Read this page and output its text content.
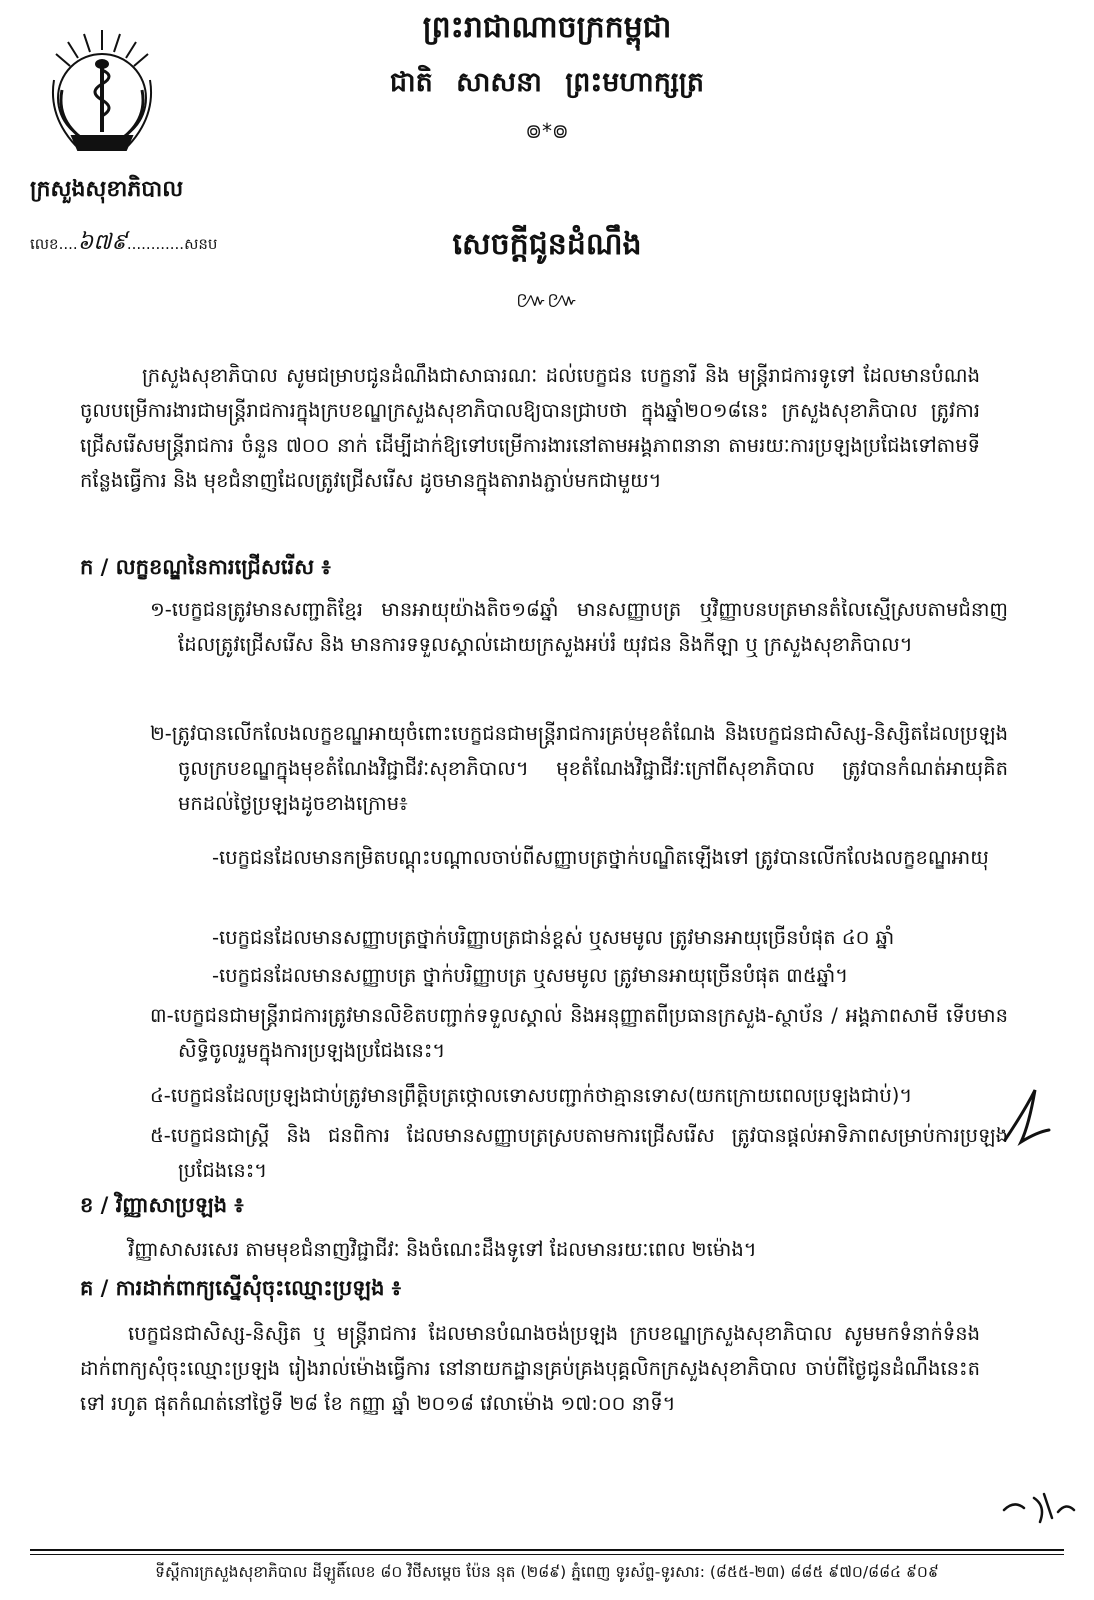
ក្រសួងសុខាភិបាល
លេខ....៦៧៩............សនប
ព្រះរាជាណាចក្រកម្ពុជា
ជាតិ សាសនា ព្រះមហាក្សត្រ
៙*៙
សេចក្តីជូនដំណឹង
៚៚
ក្រសួងសុខាភិបាល សូមជម្រាបជូនដំណឹងជាសាធារណៈ ដល់បេក្ខជន បេក្ខនារី និង មន្ត្រីរាជការទូទៅ ដែលមានបំណង ចូលបម្រើការងារជាមន្ត្រីរាជការក្នុងក្របខណ្ឌក្រសួងសុខាភិបាលឱ្យបានជ្រាបថា ក្នុងឆ្នាំ២០១៨នេះ ក្រសួងសុខាភិបាល ត្រូវការជ្រើសរើសមន្ត្រីរាជការ ចំនួន ៧០០ នាក់ ដើម្បីដាក់ឱ្យទៅបម្រើការងារនៅតាមអង្គភាពនានា តាមរយៈការប្រឡងប្រជែងទៅតាមទីកន្លែងធ្វើការ និង មុខជំនាញដែលត្រូវជ្រើសរើស ដូចមានក្នុងតារាងភ្ជាប់មកជាមួយ។
ក / លក្ខខណ្ឌនៃការជ្រើសរើស ៖
១-បេក្ខជនត្រូវមានសញ្ជាតិខ្មែរ មានអាយុយ៉ាងតិច១៨ឆ្នាំ មានសញ្ញាបត្រ ឬវិញ្ញាបនបត្រមានតំលៃស្មើស្របតាមជំនាញដែលត្រូវជ្រើសរើស និង មានការទទួលស្គាល់ដោយក្រសួងអប់រំ យុវជន និងកីឡា ឬ ក្រសួងសុខាភិបាល។
២-ត្រូវបានលើកលែងលក្ខខណ្ឌអាយុចំពោះបេក្ខជនជាមន្ត្រីរាជការគ្រប់មុខតំណែង និងបេក្ខជនជាសិស្ស-និស្សិតដែលប្រឡងចូលក្របខណ្ឌក្នុងមុខតំណែងវិជ្ជាជីវៈសុខាភិបាល។ មុខតំណែងវិជ្ជាជីវៈក្រៅពីសុខាភិបាល ត្រូវបានកំណត់អាយុគិតមកដល់ថ្ងៃប្រឡងដូចខាងក្រោម៖
-បេក្ខជនដែលមានកម្រិតបណ្ដុះបណ្ដាលចាប់ពីសញ្ញាបត្រថ្នាក់បណ្ឌិតឡើងទៅ ត្រូវបានលើកលែងលក្ខខណ្ឌអាយុ
-បេក្ខជនដែលមានសញ្ញាបត្រថ្នាក់បរិញ្ញាបត្រជាន់ខ្ពស់ ឬសមមូល ត្រូវមានអាយុច្រើនបំផុត ៤០ ឆ្នាំ
-បេក្ខជនដែលមានសញ្ញាបត្រ ថ្នាក់បរិញ្ញាបត្រ ឬសមមូល ត្រូវមានអាយុច្រើនបំផុត ៣៥ឆ្នាំ។
៣-បេក្ខជនជាមន្ត្រីរាជការត្រូវមានលិខិតបញ្ជាក់ទទួលស្គាល់ និងអនុញ្ញាតពីប្រធានក្រសួង-ស្ថាប័ន / អង្គភាពសាមី ទើបមានសិទ្ធិចូលរួមក្នុងការប្រឡងប្រជែងនេះ។
៤-បេក្ខជនដែលប្រឡងជាប់ត្រូវមានព្រឹត្តិបត្រថ្កោលទោសបញ្ជាក់ថាគ្មានទោស(យកក្រោយពេលប្រឡងជាប់)។
៥-បេក្ខជនជាស្ត្រី និង ជនពិការ ដែលមានសញ្ញាបត្រស្របតាមការជ្រើសរើស ត្រូវបានផ្តល់អាទិភាពសម្រាប់ការប្រឡងប្រជែងនេះ។
ខ / វិញ្ញាសាប្រឡង ៖
វិញ្ញាសាសរសេរ តាមមុខជំនាញវិជ្ជាជីវៈ និងចំណេះដឹងទូទៅ ដែលមានរយៈពេល ២ម៉ោង។
គ / ការដាក់ពាក្យស្នើសុំចុះឈ្មោះប្រឡង ៖
បេក្ខជនជាសិស្ស-និស្សិត ឬ មន្ត្រីរាជការ ដែលមានបំណងចង់ប្រឡង ក្របខណ្ឌក្រសួងសុខាភិបាល សូមមកទំនាក់ទំនង ដាក់ពាក្យសុំចុះឈ្មោះប្រឡង រៀងរាល់ម៉ោងធ្វើការ នៅនាយកដ្ឋានគ្រប់គ្រងបុគ្គលិកក្រសួងសុខាភិបាល ចាប់ពីថ្ងៃជូនដំណឹងនេះតទៅ រហូត ផុតកំណត់នៅថ្ងៃទី ២៨ ខែ កញ្ញា ឆ្នាំ ២០១៨ វេលាម៉ោង ១៧:០០ នាទី។
ទីស្តីការក្រសួងសុខាភិបាល ដីឡូតិ៍លេខ ៨០ វិថីសម្តេច ប៉ែន នុត (២៨៩) ភ្នំពេញ ទូរស័ព្ទ-ទូរសារ: (៨៥៥-២៣) ៨៨៥ ៩៧០/៨៨៤ ៩០៩
